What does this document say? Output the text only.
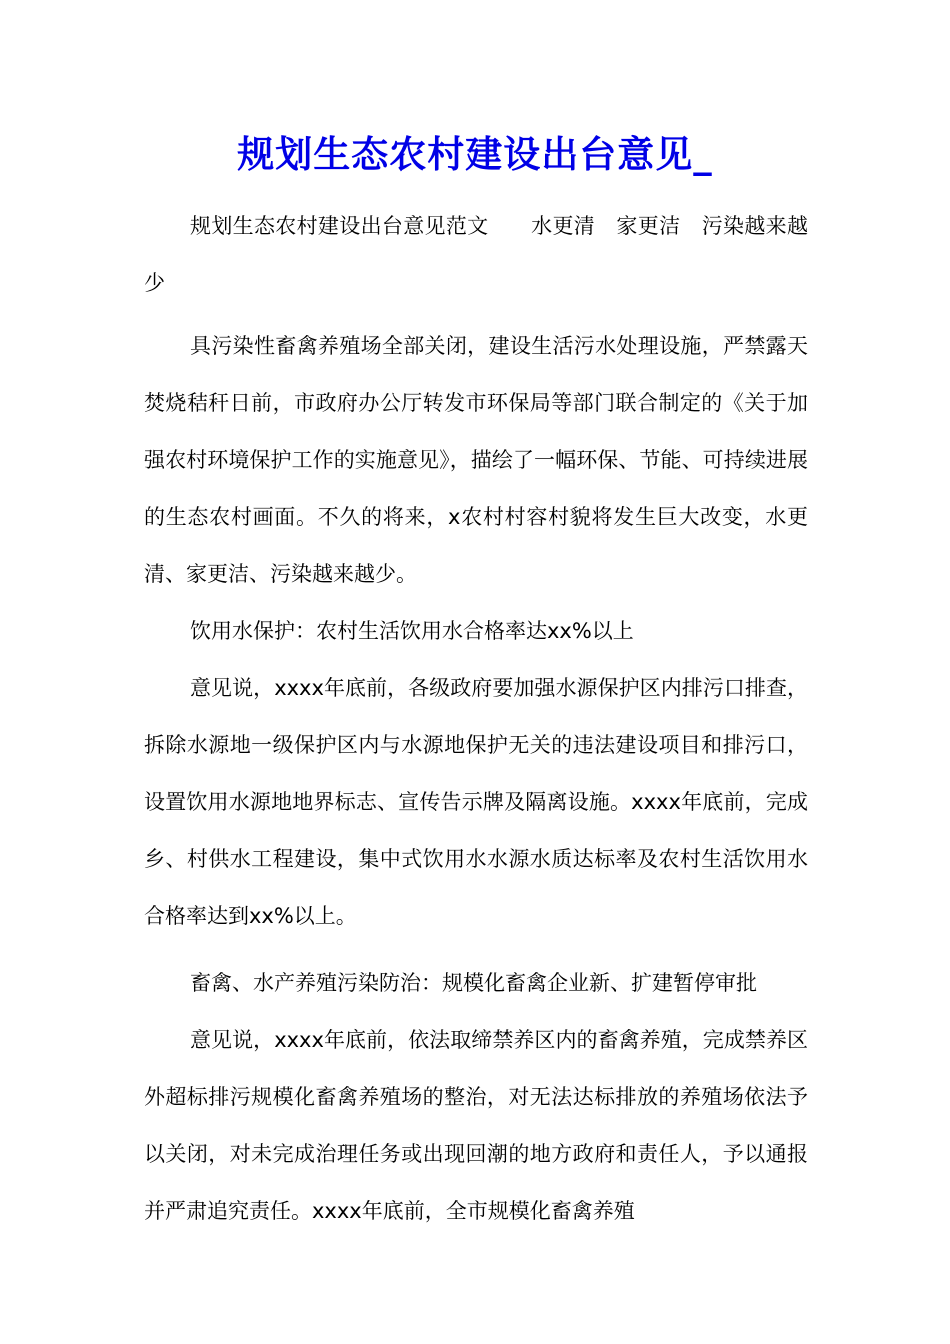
规划生态农村建设出台意见_

规划生态农村建设出台意见范文　　水更清　家更洁　污染越来越少

具污染性畜禽养殖场全部关闭，建设生活污水处理设施，严禁露天焚烧秸秆日前，市政府办公厅转发市环保局等部门联合制定的《关于加强农村环境保护工作的实施意见》，描绘了一幅环保、节能、可持续进展的生态农村画面。不久的将来，x农村村容村貌将发生巨大改变，水更清、家更洁、污染越来越少。

饮用水保护：农村生活饮用水合格率达xx%以上

意见说，xxxx年底前，各级政府要加强水源保护区内排污口排查，拆除水源地一级保护区内与水源地保护无关的违法建设项目和排污口，设置饮用水源地地界标志、宣传告示牌及隔离设施。xxxx年底前，完成乡、村供水工程建设，集中式饮用水水源水质达标率及农村生活饮用水合格率达到xx%以上。

畜禽、水产养殖污染防治：规模化畜禽企业新、扩建暂停审批

意见说，xxxx年底前，依法取缔禁养区内的畜禽养殖，完成禁养区外超标排污规模化畜禽养殖场的整治，对无法达标排放的养殖场依法予以关闭，对未完成治理任务或出现回潮的地方政府和责任人，予以通报并严肃追究责任。xxxx年底前，全市规模化畜禽养殖
